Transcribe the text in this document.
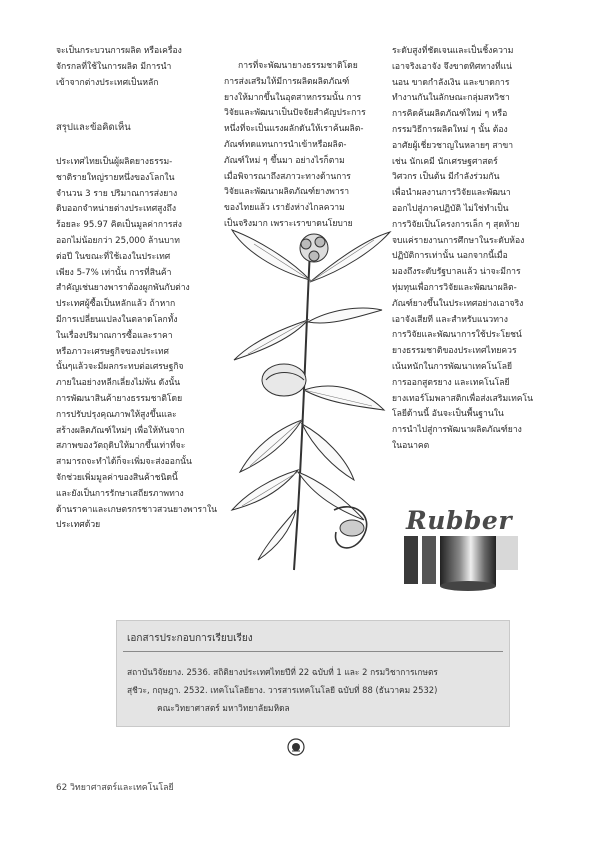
จะเป็นกระบวนการผลิต หรือเครื่อง

จักรกลที่ใช้ในการผลิต มีการนำ

เข้าจากต่างประเทศเป็นหลัก

สรุปและข้อคิดเห็น

ประเทศไทยเป็นผู้ผลิตยางธรรม-

ชาติรายใหญ่รายหนึ่งของโลกใน

จำนวน 3 ราย ปริมาณการส่งยาง

ดิบออกจำหน่ายต่างประเทศสูงถึง

ร้อยละ 95.97 คิดเป็นมูลค่าการส่ง

ออกไม่น้อยกว่า 25,000 ล้านบาท

ต่อปี ในขณะที่ใช้เองในประเทศ

เพียง 5-7% เท่านั้น การที่สินค้า

สำคัญเช่นยางพาราต้องผูกพันกับต่าง

ประเทศผู้ซื้อเป็นหลักแล้ว ถ้าหาก

มีการเปลี่ยนแปลงในตลาดโลกทั้ง

ในเรื่องปริมาณการซื้อและราคา

หรือภาวะเศรษฐกิจของประเทศ

นั้นๆแล้วจะมีผลกระทบต่อเศรษฐกิจ

ภายในอย่างหลีกเลี่ยงไม่พ้น ดังนั้น

การพัฒนาสินค้ายางธรรมชาติโดย

การปรับปรุงคุณภาพให้สูงขึ้นและ

สร้างผลิตภัณฑ์ใหม่ๆ เพื่อให้ทันจาก

สภาพของวัตถุดิบให้มากขึ้นเท่าที่จะ

สามารถจะทำได้ก็จะเพิ่มจะส่งออกนั้น

จักช่วยเพิ่มมูลค่าของสินค้าชนิดนี้

และยังเป็นการรักษาเสถียรภาพทาง

ด้านราคาและเกษตรกรชาวสวนยางพาราใน

ประเทศด้วย

การที่จะพัฒนายางธรรมชาติโดย

การส่งเสริมให้มีการผลิตผลิตภัณฑ์

ยางให้มากขึ้นในอุตสาหกรรมนั้น การ

วิจัยและพัฒนาเป็นปัจจัยสำคัญประการ

หนึ่งที่จะเป็นแรงผลักดันให้เราค้นผลิต-

ภัณฑ์ทดแทนการนำเข้าหรือผลิต-

ภัณฑ์ใหม่ ๆ ขึ้นมา อย่างไรก็ตาม

เมื่อพิจารณาถึงสภาวะทางด้านการ

วิจัยและพัฒนาผลิตภัณฑ์ยางพารา

ของไทยแล้ว เรายังห่างไกลความ

เป็นจริงมาก เพราะเราขาดนโยบาย

ระดับสูงที่ชัดเจนและเป็นชิ้งความ

เอาจริงเอาจัง จึงขาดทิศทางที่แน่

นอน ขาดกำลังเงิน และขาดการ

ทำงานกันในลักษณะกลุ่มสหวิชา

การคิดค้นผลิตภัณฑ์ใหม่ ๆ หรือ

กรรมวิธีการผลิตใหม่ ๆ นั้น ต้อง

อาศัยผู้เชี่ยวชาญในหลายๆ สาขา

เช่น นักเคมี นักเศรษฐศาสตร์

วิศวกร เป็นต้น มีกำลังร่วมกัน

เพื่อนำผลงานการวิจัยและพัฒนา

ออกไปสู่ภาคปฏิบัติ ไม่ใช่ทำเป็น

การวิจัยเป็นโครงการเล็ก ๆ สุดท้าย

จบแค่รายงานการศึกษาในระดับห้อง

ปฏิบัติการเท่านั้น นอกจากนี้เมื่อ

มองถึงระดับรัฐบาลแล้ว น่าจะมีการ

ทุ่มทุนเพื่อการวิจัยและพัฒนาผลิต-

ภัณฑ์ยางขึ้นในประเทศอย่างเอาจริง

เอาจังเสียที และสำหรับแนวทาง

การวิจัยและพัฒนาการใช้ประโยชน์

ยางธรรมชาติของประเทศไทยควร

เน้นหนักในการพัฒนาเทคโนโลยี

การออกสูตรยาง และเทคโนโลยี

ยางเทอร์โมพลาสติกเพื่อส่งเสริมเทคโน

โลยีด้านนี้ อันจะเป็นพื้นฐานใน

การนำไปสู่การพัฒนาผลิตภัณฑ์ยาง

ในอนาคต

Rubber
เอกสารประกอบการเรียบเรียง
สถาบันวิจัยยาง. 2536. สถิติยางประเทศไทยปีที่ 22 ฉบับที่ 1 และ 2 กรมวิชาการเกษตร
สุชีวะ, กฤษฎา. 2532. เทคโนโลยียาง. วารสารเทคโนโลยี ฉบับที่ 88 (ธันวาคม 2532)
คณะวิทยาศาสตร์ มหาวิทยาลัยมหิดล
62 วิทยาศาสตร์และเทคโนโลยี
